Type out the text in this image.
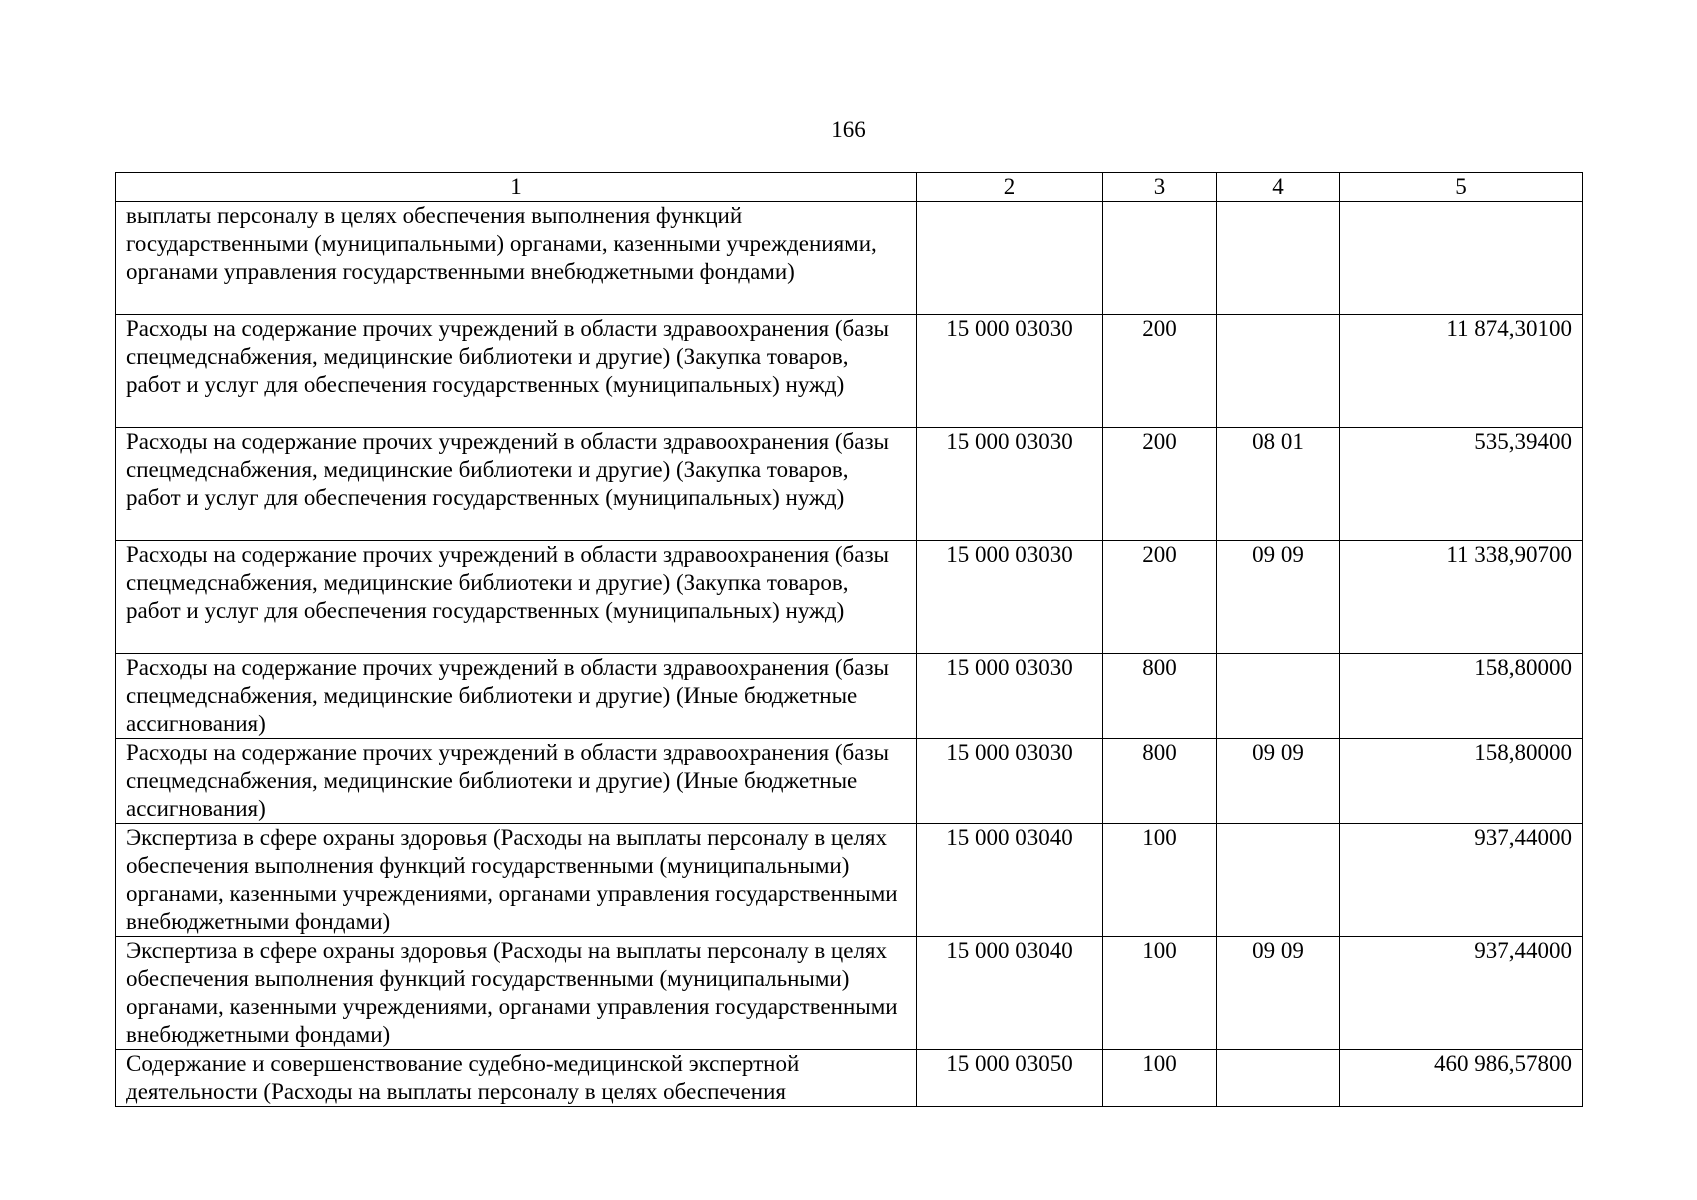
166
1	2	3	4	5
выплаты персоналу в целях обеспечения выполнения функций государственными (муниципальными) органами, казенными учреждениями, органами управления государственными внебюджетными фондами)				
Расходы на содержание прочих учреждений в области здравоохранения (базы спецмедснабжения, медицинские библиотеки и другие) (Закупка товаров, работ и услуг для обеспечения государственных (муниципальных) нужд)	15 000 03030	200		11 874,30100
Расходы на содержание прочих учреждений в области здравоохранения (базы спецмедснабжения, медицинские библиотеки и другие) (Закупка товаров, работ и услуг для обеспечения государственных (муниципальных) нужд)	15 000 03030	200	08 01	535,39400
Расходы на содержание прочих учреждений в области здравоохранения (базы спецмедснабжения, медицинские библиотеки и другие) (Закупка товаров, работ и услуг для обеспечения государственных (муниципальных) нужд)	15 000 03030	200	09 09	11 338,90700
Расходы на содержание прочих учреждений в области здравоохранения (базы спецмедснабжения, медицинские библиотеки и другие) (Иные бюджетные ассигнования)	15 000 03030	800		158,80000
Расходы на содержание прочих учреждений в области здравоохранения (базы спецмедснабжения, медицинские библиотеки и другие) (Иные бюджетные ассигнования)	15 000 03030	800	09 09	158,80000
Экспертиза в сфере охраны здоровья (Расходы на выплаты персоналу в целях обеспечения выполнения функций государственными (муниципальными) органами, казенными учреждениями, органами управления государственными внебюджетными фондами)	15 000 03040	100		937,44000
Экспертиза в сфере охраны здоровья (Расходы на выплаты персоналу в целях обеспечения выполнения функций государственными (муниципальными) органами, казенными учреждениями, органами управления государственными внебюджетными фондами)	15 000 03040	100	09 09	937,44000
Содержание и совершенствование судебно-медицинской экспертной деятельности (Расходы на выплаты персоналу в целях обеспечения	15 000 03050	100		460 986,57800
